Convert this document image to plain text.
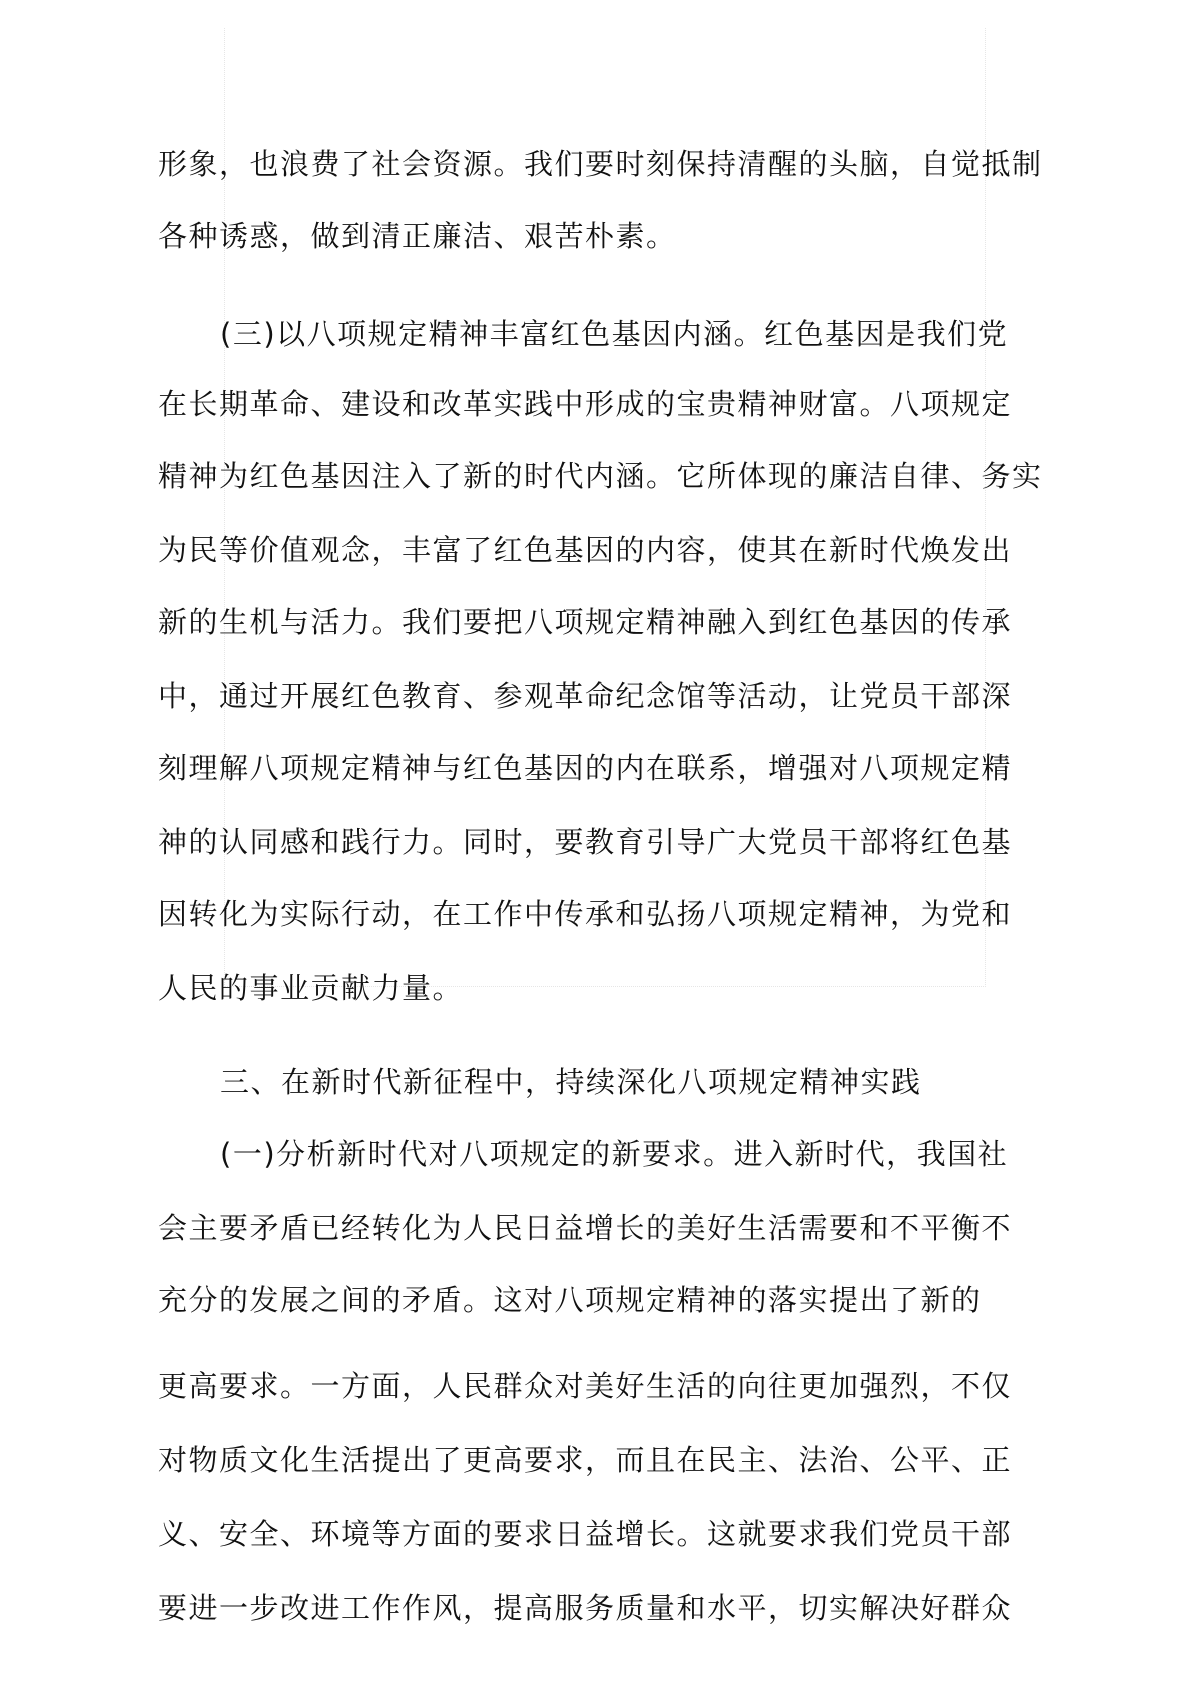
形象，也浪费了社会资源。我们要时刻保持清醒的头脑，自觉抵制
各种诱惑，做到清正廉洁、艰苦朴素。
(三)以八项规定精神丰富红色基因内涵。红色基因是我们党
在长期革命、建设和改革实践中形成的宝贵精神财富。八项规定
精神为红色基因注入了新的时代内涵。它所体现的廉洁自律、务实
为民等价值观念，丰富了红色基因的内容，使其在新时代焕发出
新的生机与活力。我们要把八项规定精神融入到红色基因的传承
中，通过开展红色教育、参观革命纪念馆等活动，让党员干部深
刻理解八项规定精神与红色基因的内在联系，增强对八项规定精
神的认同感和践行力。同时，要教育引导广大党员干部将红色基
因转化为实际行动，在工作中传承和弘扬八项规定精神，为党和
人民的事业贡献力量。
三、在新时代新征程中，持续深化八项规定精神实践
(一)分析新时代对八项规定的新要求。进入新时代，我国社
会主要矛盾已经转化为人民日益增长的美好生活需要和不平衡不
充分的发展之间的矛盾。这对八项规定精神的落实提出了新的
更高要求。一方面，人民群众对美好生活的向往更加强烈，不仅
对物质文化生活提出了更高要求，而且在民主、法治、公平、正
义、安全、环境等方面的要求日益增长。这就要求我们党员干部
要进一步改进工作作风，提高服务质量和水平，切实解决好群众
